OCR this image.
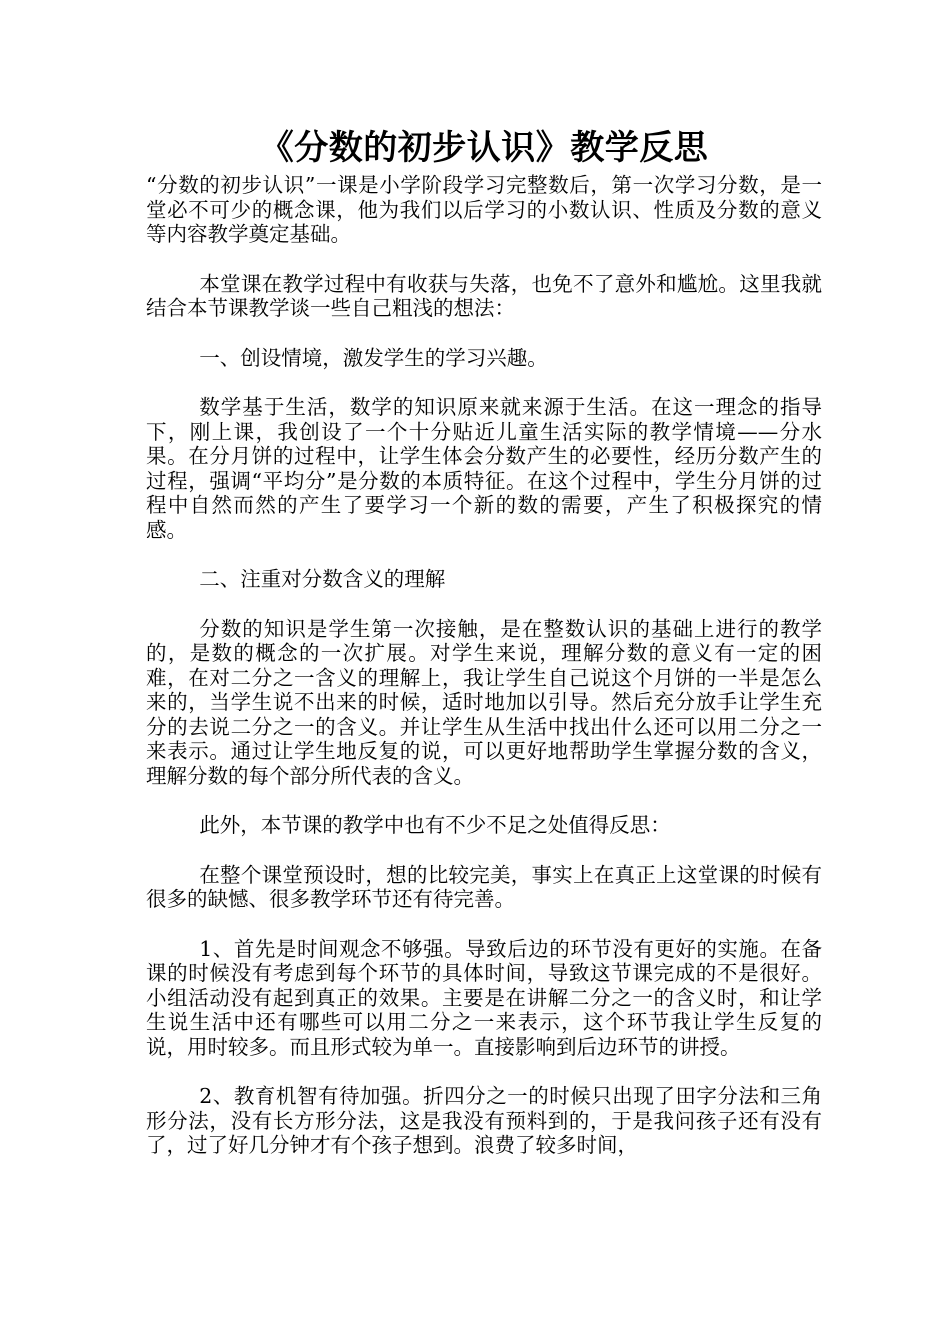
《分数的初步认识》教学反思

“分数的初步认识”一课是小学阶段学习完整数后，第一次学习分数，是一堂必不可少的概念课，他为我们以后学习的小数认识、性质及分数的意义等内容教学奠定基础。

本堂课在教学过程中有收获与失落，也免不了意外和尴尬。这里我就结合本节课教学谈一些自己粗浅的想法：

一、创设情境，激发学生的学习兴趣。

数学基于生活，数学的知识原来就来源于生活。在这一理念的指导下，刚上课，我创设了一个十分贴近儿童生活实际的教学情境——分水果。在分月饼的过程中，让学生体会分数产生的必要性，经历分数产生的过程，强调“平均分”是分数的本质特征。在这个过程中，学生分月饼的过程中自然而然的产生了要学习一个新的数的需要，产生了积极探究的情感。

二、注重对分数含义的理解

分数的知识是学生第一次接触，是在整数认识的基础上进行的教学的，是数的概念的一次扩展。对学生来说，理解分数的意义有一定的困难，在对二分之一含义的理解上，我让学生自己说这个月饼的一半是怎么来的，当学生说不出来的时候，适时地加以引导。然后充分放手让学生充分的去说二分之一的含义。并让学生从生活中找出什么还可以用二分之一来表示。通过让学生地反复的说，可以更好地帮助学生掌握分数的含义，理解分数的每个部分所代表的含义。

此外，本节课的教学中也有不少不足之处值得反思：

在整个课堂预设时，想的比较完美，事实上在真正上这堂课的时候有很多的缺憾、很多教学环节还有待完善。

1、首先是时间观念不够强。导致后边的环节没有更好的实施。在备课的时候没有考虑到每个环节的具体时间，导致这节课完成的不是很好。小组活动没有起到真正的效果。主要是在讲解二分之一的含义时，和让学生说生活中还有哪些可以用二分之一来表示，这个环节我让学生反复的说，用时较多。而且形式较为单一。直接影响到后边环节的讲授。

2、教育机智有待加强。折四分之一的时候只出现了田字分法和三角形分法，没有长方形分法，这是我没有预料到的，于是我问孩子还有没有了，过了好几分钟才有个孩子想到。浪费了较多时间，
